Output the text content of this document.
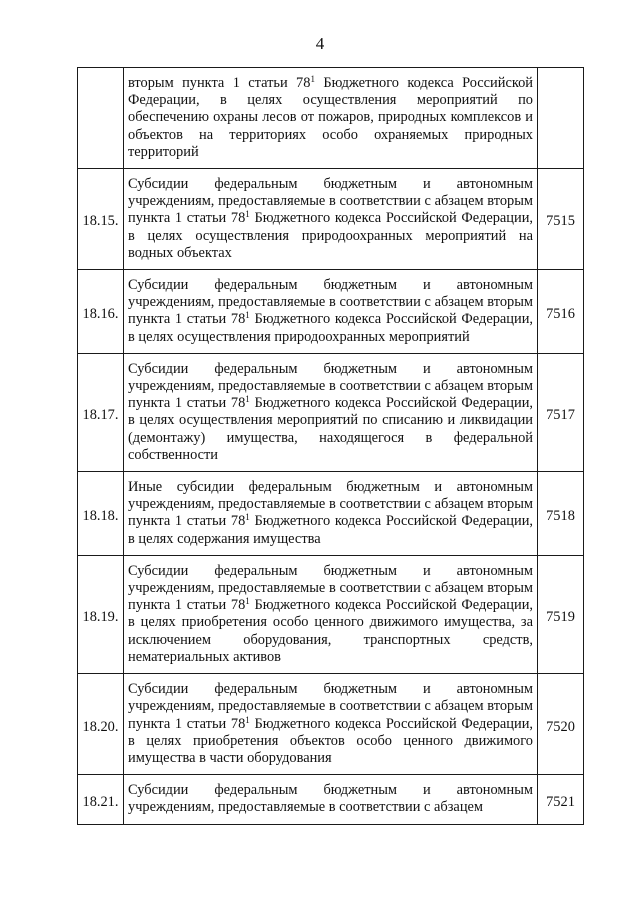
4
	вторым пункта 1 статьи $78^1$ Бюджетного кодекса Российской Федерации, в целях осуществления мероприятий по обеспечению охраны лесов от пожаров, природных комплексов и объектов на территориях особо охраняемых природных территорий	
18.15.	Субсидии федеральным бюджетным и автономным учреждениям, предоставляемые в соответствии с абзацем вторым пункта 1 статьи $78^1$ Бюджетного кодекса Российской Федерации, в целях осуществления природоохранных мероприятий на водных объектах	7515
18.16.	Субсидии федеральным бюджетным и автономным учреждениям, предоставляемые в соответствии с абзацем вторым пункта 1 статьи $78^1$ Бюджетного кодекса Российской Федерации, в целях осуществления природоохранных мероприятий	7516
18.17.	Субсидии федеральным бюджетным и автономным учреждениям, предоставляемые в соответствии с абзацем вторым пункта 1 статьи $78^1$ Бюджетного кодекса Российской Федерации, в целях осуществления мероприятий по списанию и ликвидации (демонтажу) имущества, находящегося в федеральной собственности	7517
18.18.	Иные субсидии федеральным бюджетным и автономным учреждениям, предоставляемые в соответствии с абзацем вторым пункта 1 статьи $78^1$ Бюджетного кодекса Российской Федерации, в целях содержания имущества	7518
18.19.	Субсидии федеральным бюджетным и автономным учреждениям, предоставляемые в соответствии с абзацем вторым пункта 1 статьи $78^1$ Бюджетного кодекса Российской Федерации, в целях приобретения особо ценного движимого имущества, за исключением оборудования, транспортных средств, нематериальных активов	7519
18.20.	Субсидии федеральным бюджетным и автономным учреждениям, предоставляемые в соответствии с абзацем вторым пункта 1 статьи $78^1$ Бюджетного кодекса Российской Федерации, в целях приобретения объектов особо ценного движимого имущества в части оборудования	7520
18.21.	Субсидии федеральным бюджетным и автономным учреждениям, предоставляемые в соответствии с абзацем	7521
